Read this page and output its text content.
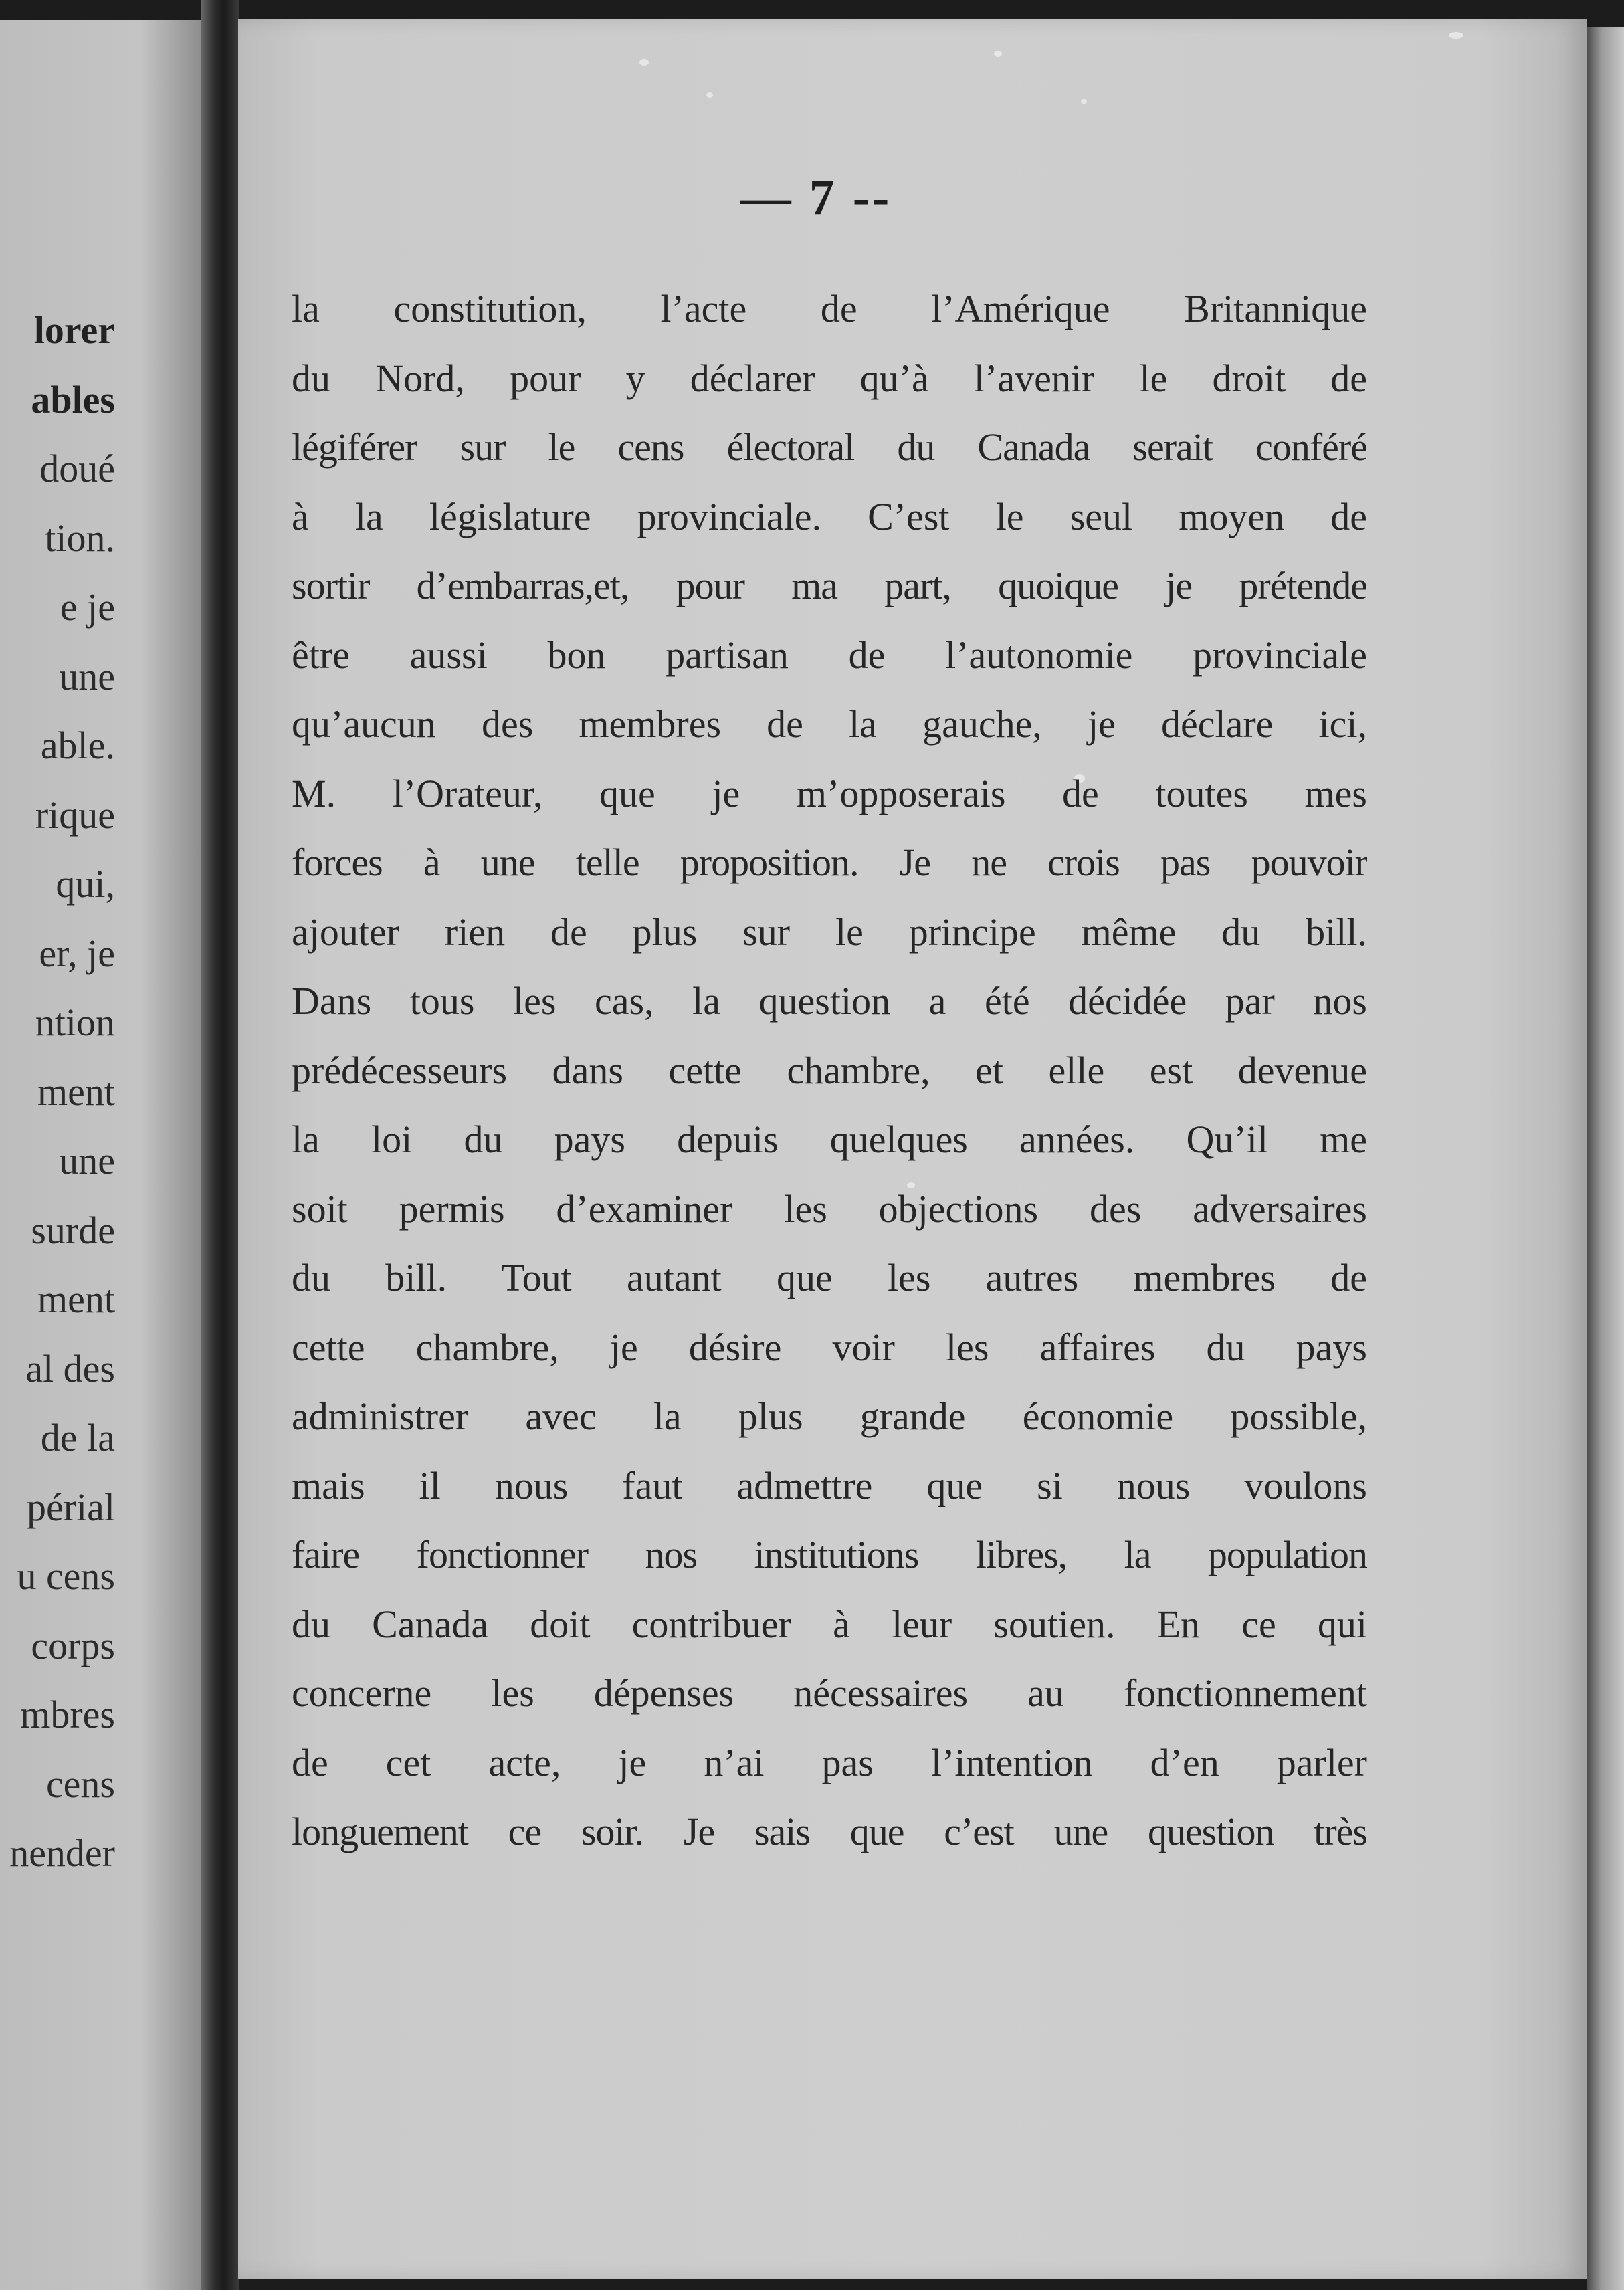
lorer
ables
doué
tion.
e je
une
able.
rique
qui,
er, je
ntion
ment
une
surde
ment
al des
de la
périal
u cens
corps
mbres
cens
nender
— 7 --
la constitution, l’acte de l’Amérique Britannique
du Nord, pour y déclarer qu’à l’avenir le droit de
légiférer sur le cens électoral du Canada serait conféré
à la législature provinciale. C’est le seul moyen de
sortir d’embarras,et, pour ma part, quoique je prétende
être aussi bon partisan de l’autonomie provinciale
qu’aucun des membres de la gauche, je déclare ici,
M. l’Orateur, que je m’opposerais de toutes mes
forces à une telle proposition. Je ne crois pas pouvoir
ajouter rien de plus sur le principe même du bill.
Dans tous les cas, la question a été décidée par nos
prédécesseurs dans cette chambre, et elle est devenue
la loi du pays depuis quelques années. Qu’il me
soit permis d’examiner les objections des adversaires
du bill. Tout autant que les autres membres de
cette chambre, je désire voir les affaires du pays
administrer avec la plus grande économie possible,
mais il nous faut admettre que si nous voulons
faire fonctionner nos institutions libres, la population
du Canada doit contribuer à leur soutien. En ce qui
concerne les dépenses nécessaires au fonctionnement
de cet acte, je n’ai pas l’intention d’en parler
longuement ce soir. Je sais que c’est une question très
